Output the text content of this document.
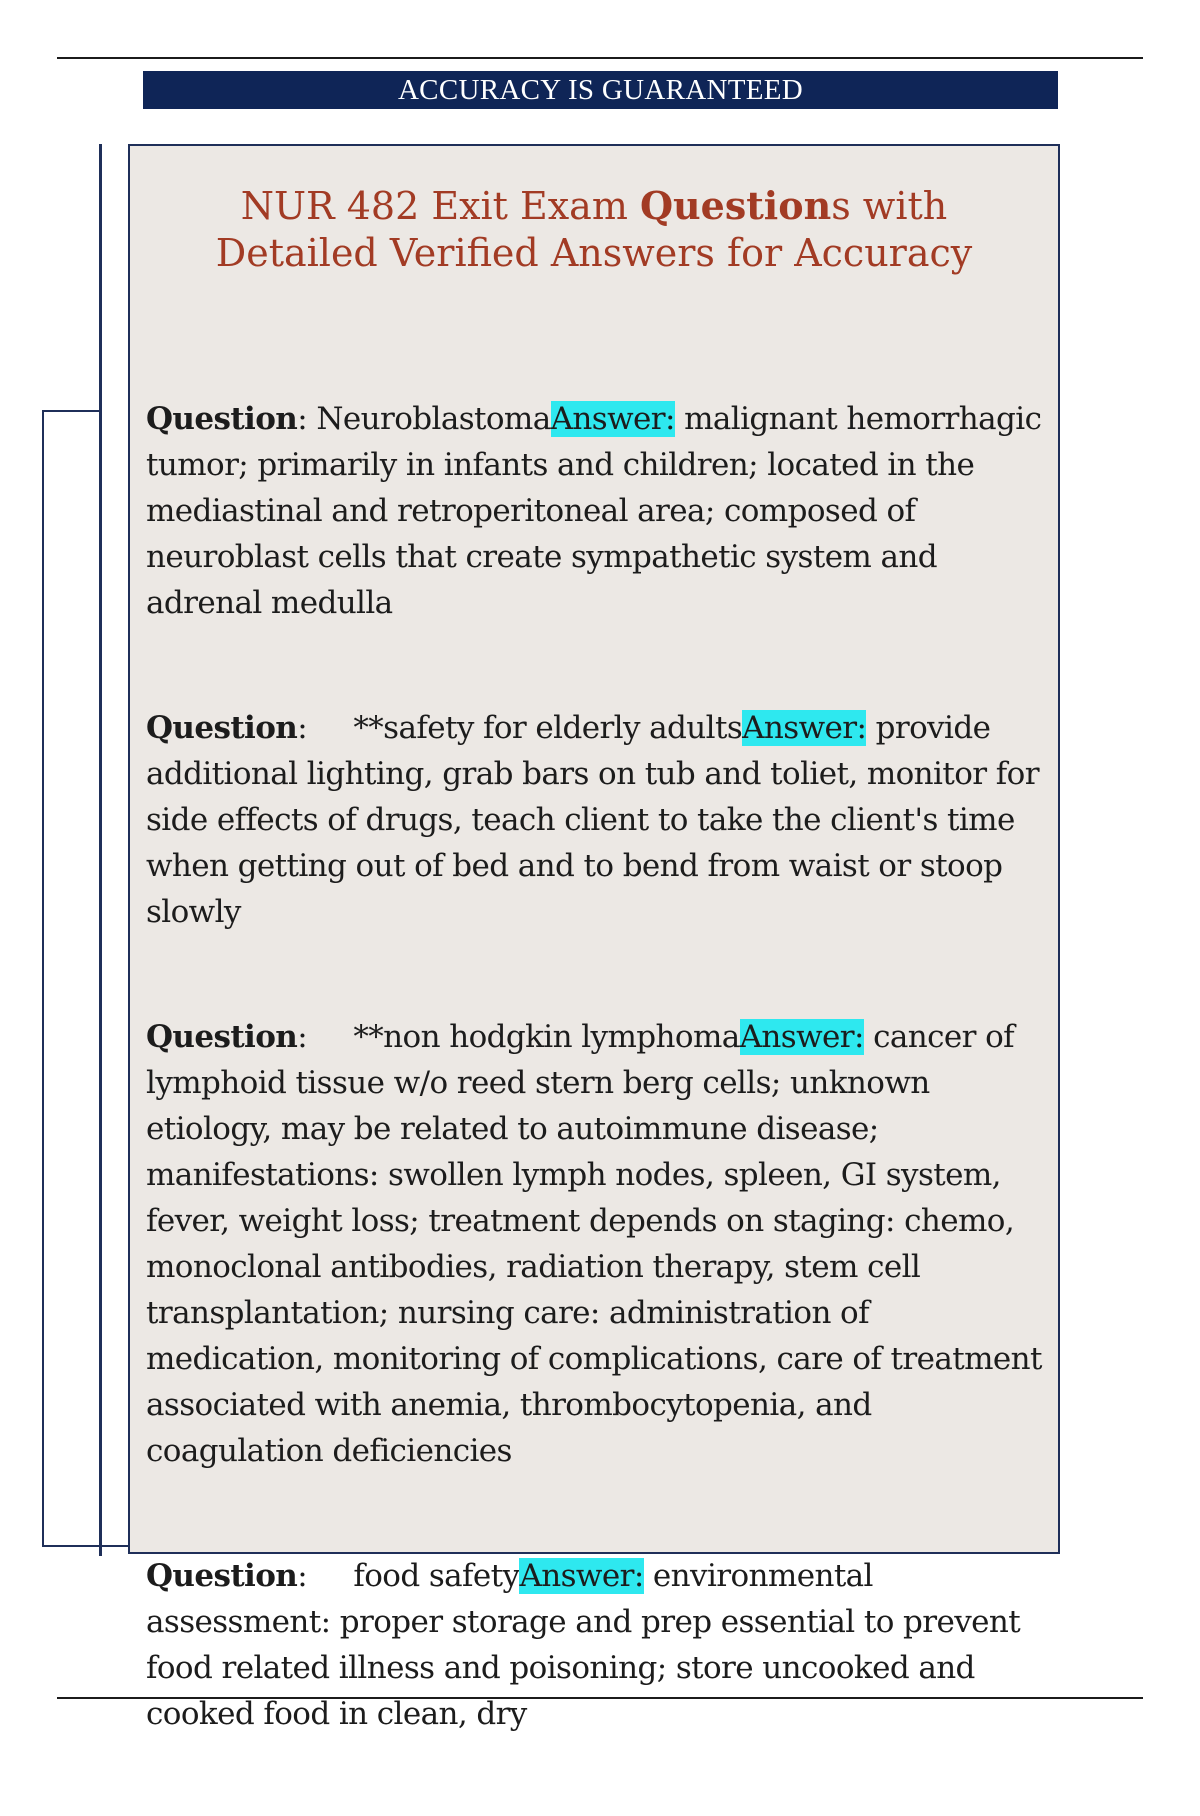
ACCURACY IS GUARANTEED
NUR 482 Exit Exam Questions with Detailed Verified Answers for Accuracy

Question: NeuroblastomaAnswer: malignant hemorrhagic tumor; primarily in infants and children; located in the mediastinal and retroperitoneal area; composed of neuroblast cells that create sympathetic system and adrenal medulla

Question:     **safety for elderly adultsAnswer: provide additional lighting, grab bars on tub and toliet, monitor for side effects of drugs, teach client to take the client's time when getting out of bed and to bend from waist or stoop slowly

Question:     **non hodgkin lymphomaAnswer: cancer of lymphoid tissue w/o reed stern berg cells; unknown etiology, may be related to autoimmune disease; manifestations: swollen lymph nodes, spleen, GI system, fever, weight loss; treatment depends on staging: chemo, monoclonal antibodies, radiation therapy, stem cell transplantation; nursing care: administration of medication, monitoring of complications, care of treatment associated with anemia, thrombocytopenia, and coagulation deficiencies

Question:     food safetyAnswer: environmental assessment: proper storage and prep essential to prevent food related illness and poisoning; store uncooked and cooked food in clean, dry
